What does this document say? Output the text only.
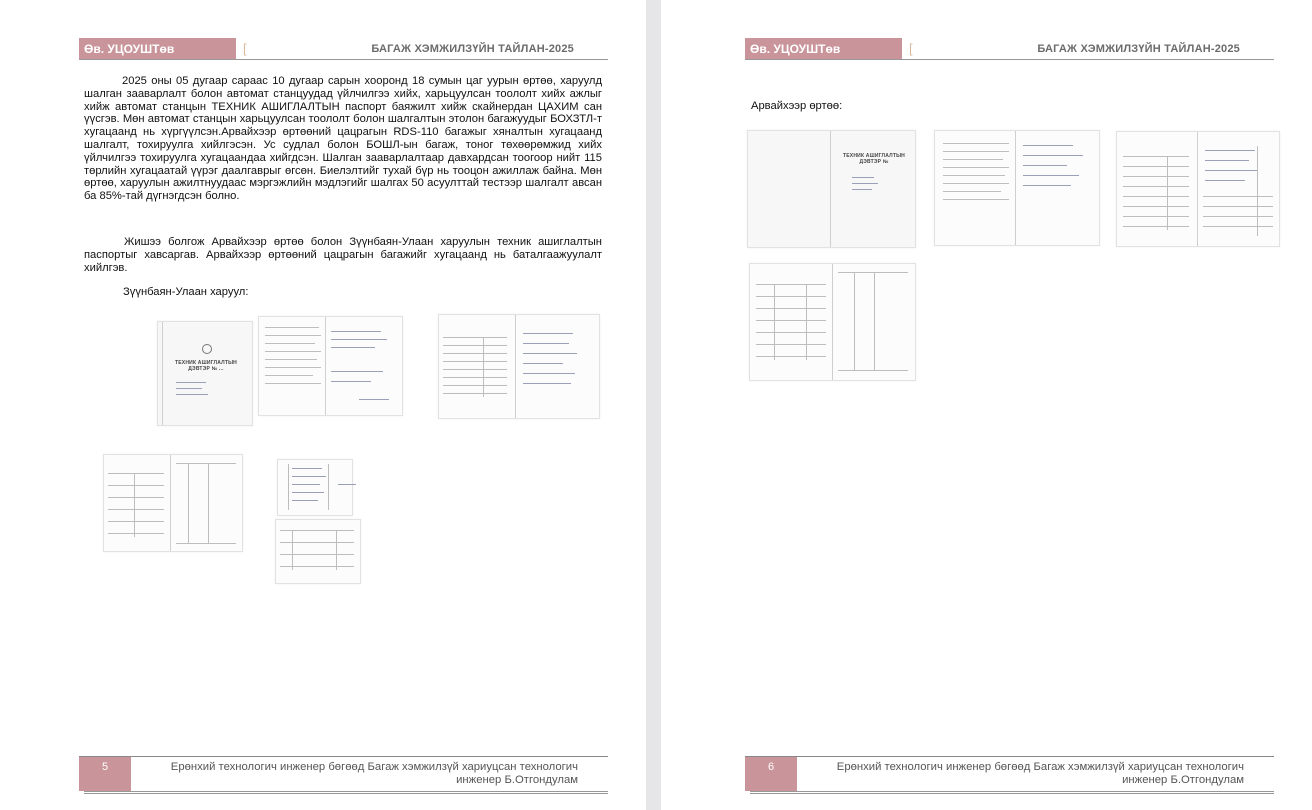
Өв. УЦОУШТөв	[	БАГАЖ ХЭМЖИЛЗҮЙН ТАЙЛАН-2025
2025 оны 05 дугаар сараас 10 дугаар сарын хооронд 18 сумын цаг уурын өртөө, харуулд шалган зааварлалт болон автомат станцуудад үйлчилгээ хийх, харьцуулсан тоололт хийх ажлыг хийж автомат станцын ТЕХНИК АШИГЛАЛТЫН паспорт баяжилт хийж скайнердан ЦАХИМ сан үүсгэв. Мөн автомат станцын харьцуулсан тоололт болон шалгалтын этолон багажуудыг БОХЗТЛ-т хугацаанд нь хүргүүлсэн.Арвайхээр өртөөний цацрагын RDS-110 багажыг хяналтын хугацаанд шалгалт, тохируулга хийлгэсэн. Ус судлал болон БОШЛ-ын багаж, тоног төхөөрөмжид хийх үйлчилгээ тохируулга хугацаандаа хийгдсэн. Шалган зааварлалтаар давхардсан тоогоор нийт 115 төрлийн хугацаатай үүрэг даалгаврыг өгсөн. Биелэлтийг тухай бүр нь тооцон ажиллаж байна. Мөн өртөө, харуулын ажилтнуудаас мэргэжлийн мэдлэгийг шалгах 50 асуулттай тестээр шалгалт авсан ба 85%-тай дүгнэгдсэн болно.
Жишээ болгож Арвайхээр өртөө болон Зүүнбаян-Улаан харуулын техник ашиглалтын паспортыг хавсаргав. Арвайхээр өртөөний цацрагын багажийг хугацаанд нь баталгаажуулалт хийлгэв.
Зүүнбаян-Улаан харуул:
ТЕХНИК АШИГЛАЛТЫН ДЭВТЭР № ...
5	Ерөнхий технологич инженер бөгөөд Багаж хэмжилзүй хариуцсан технологич
инженер Б.Отгондулам
Өв. УЦОУШТөв	[	БАГАЖ ХЭМЖИЛЗҮЙН ТАЙЛАН-2025
Арвайхээр өртөө:
ТЕХНИК АШИГЛАЛТЫН ДЭВТЭР №
6	Ерөнхий технологич инженер бөгөөд Багаж хэмжилзүй хариуцсан технологич
инженер Б.Отгондулам
